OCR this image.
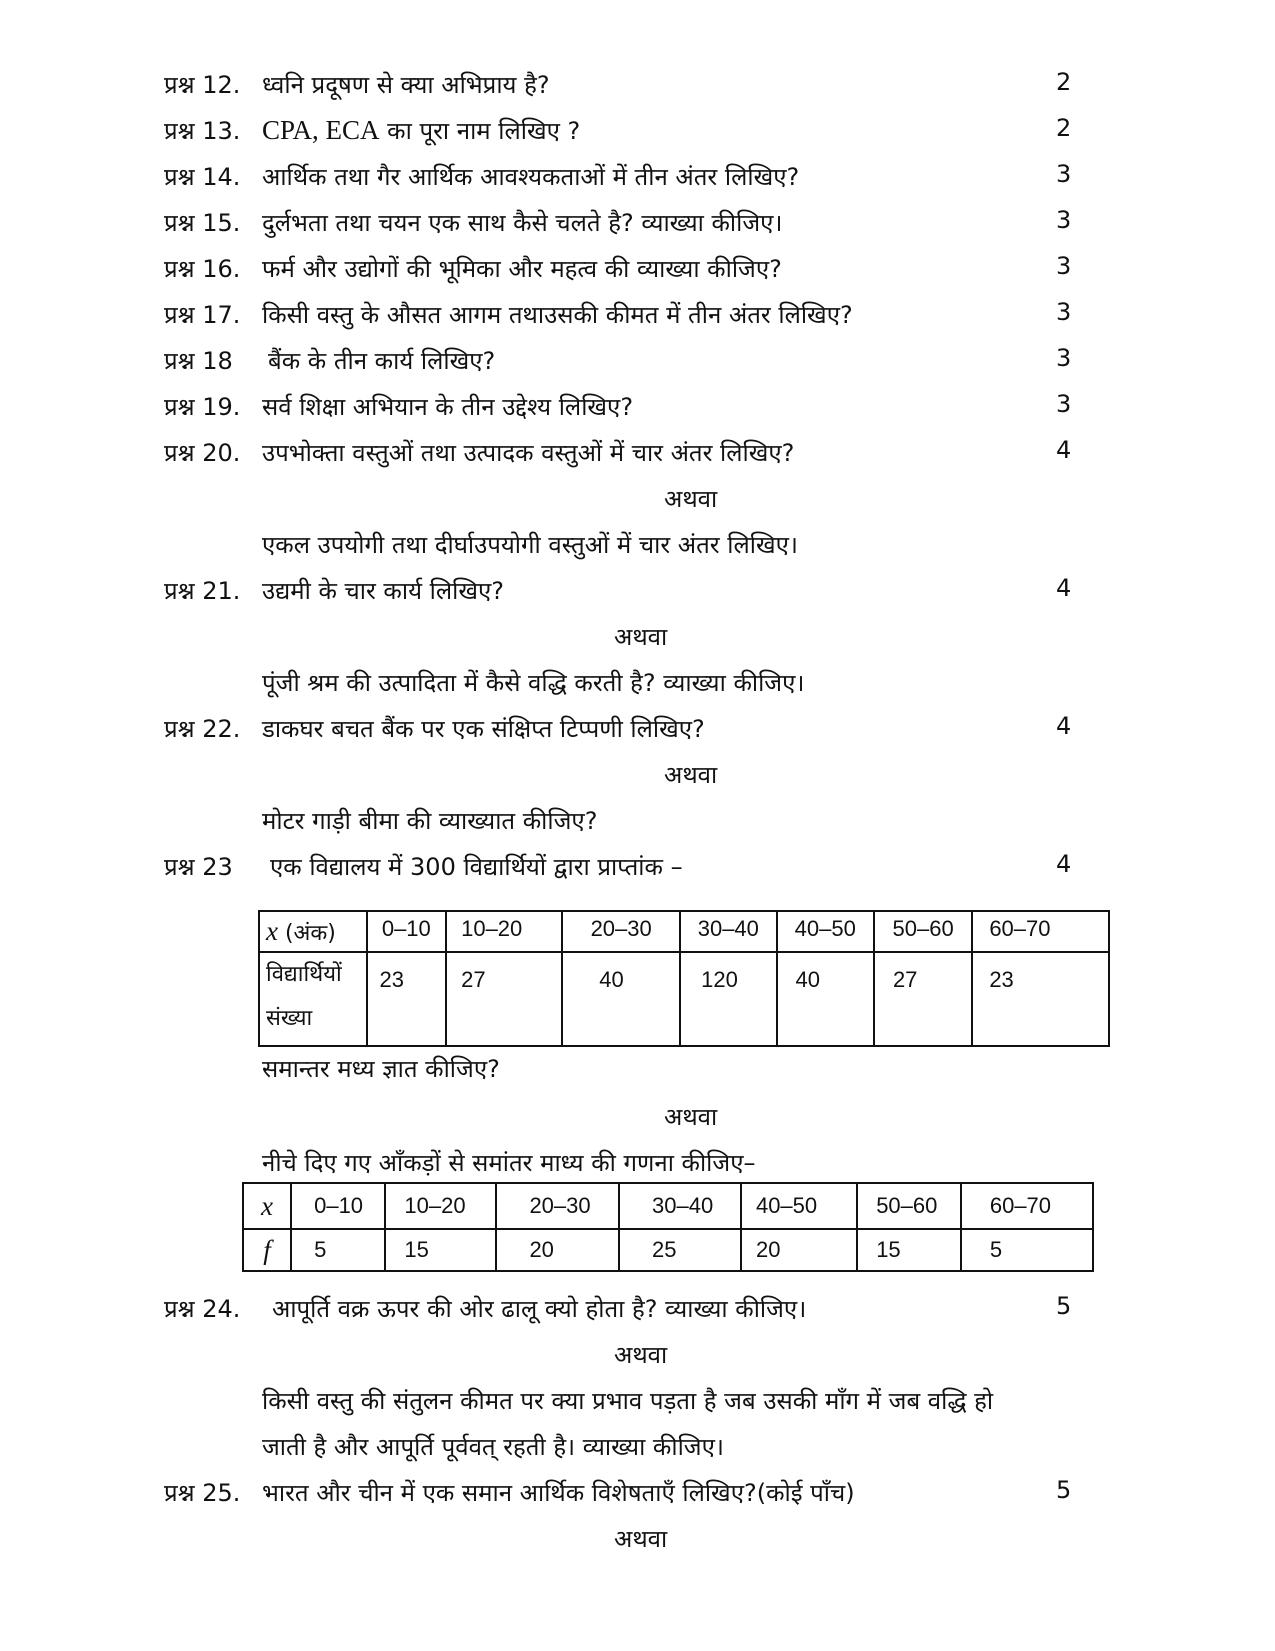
प्रश्न 12. ध्वनि प्रदूषण से क्या अभिप्राय है?	2
प्रश्न 13. CPA, ECA का पूरा नाम लिखिए ?	2
प्रश्न 14. आर्थिक तथा गैर आर्थिक आवश्यकताओं में तीन अंतर लिखिए?	3
प्रश्न 15. दुर्लभता तथा चयन एक साथ कैसे चलते है? व्याख्या कीजिए।	3
प्रश्न 16. फर्म और उद्योगों की भूमिका और महत्व की व्याख्या कीजिए?	3
प्रश्न 17. किसी वस्तु के औसत आगम तथाउसकी कीमत में तीन अंतर लिखिए?	3
प्रश्न 18 बैंक के तीन कार्य लिखिए?	3
प्रश्न 19. सर्व शिक्षा अभियान के तीन उद्देश्य लिखिए?	3
प्रश्न 20. उपभोक्ता वस्तुओं तथा उत्पादक वस्तुओं में चार अंतर लिखिए?	4
अथवा
एकल उपयोगी तथा दीर्घाउपयोगी वस्तुओं में चार अंतर लिखिए।
प्रश्न 21. उद्यमी के चार कार्य लिखिए?	4
अथवा
पूंजी श्रम की उत्पादिता में कैसे वद्धि करती है? व्याख्या कीजिए।
प्रश्न 22. डाकघर बचत बैंक पर एक संक्षिप्त टिप्पणी लिखिए?	4
अथवा
मोटर गाड़ी बीमा की व्याख्यात कीजिए?
प्रश्न 23 एक विद्यालय में 300 विद्यार्थियों द्वारा प्राप्तांक –	4
x (अंक)	0–10	10–20	20–30	30–40	40–50	50–60	60–70

विद्यार्थियों
संख्या	23	27	40	120	40	27	23
समान्तर मध्य ज्ञात कीजिए?
अथवा
नीचे दिए गए आँकड़ों से समांतर माध्य की गणना कीजिए–
x	0–10	10–20	20–30	30–40	40–50	50–60	60–70
f	5	15	20	25	20	15	5
प्रश्न 24. आपूर्ति वक्र ऊपर की ओर ढालू क्यो होता है? व्याख्या कीजिए।	5
अथवा
किसी वस्तु की संतुलन कीमत पर क्या प्रभाव पड़ता है जब उसकी माँग में जब वद्धि हो
जाती है और आपूर्ति पूर्ववत् रहती है। व्याख्या कीजिए।
प्रश्न 25. भारत और चीन में एक समान आर्थिक विशेषताएँ लिखिए?(कोई पाँच)	5
अथवा
